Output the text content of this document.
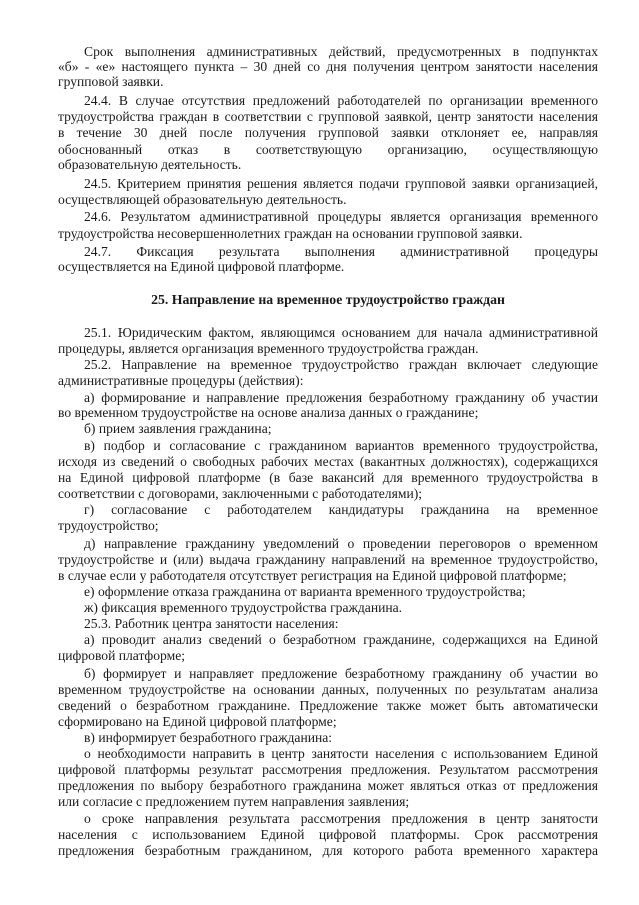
Срок выполнения административных действий, предусмотренных в подпунктах
«б» - «е» настоящего пункта – 30 дней со дня получения центром занятости населения
групповой заявки.
24.4. В случае отсутствия предложений работодателей по организации временного
трудоустройства граждан в соответствии с групповой заявкой, центр занятости населения
в течение 30 дней после получения групповой заявки отклоняет ее, направляя
обоснованный отказ в соответствующую организацию, осуществляющую
образовательную деятельность.
24.5. Критерием принятия решения является подачи групповой заявки организацией,
осуществляющей образовательную деятельность.
24.6. Результатом административной процедуры является организация временного
трудоустройства несовершеннолетних граждан на основании групповой заявки.
24.7. Фиксация результата выполнения административной процедуры
осуществляется на Единой цифровой платформе.
25. Направление на временное трудоустройство граждан
25.1. Юридическим фактом, являющимся основанием для начала административной
процедуры, является организация временного трудоустройства граждан.
25.2. Направление на временное трудоустройство граждан включает следующие
административные процедуры (действия):
а) формирование и направление предложения безработному гражданину об участии
во временном трудоустройстве на основе анализа данных о гражданине;
б) прием заявления гражданина;
в) подбор и согласование с гражданином вариантов временного трудоустройства,
исходя из сведений о свободных рабочих местах (вакантных должностях), содержащихся
на Единой цифровой платформе (в базе вакансий для временного трудоустройства в
соответствии с договорами, заключенными с работодателями);
г) согласование с работодателем кандидатуры гражданина на временное
трудоустройство;
д) направление гражданину уведомлений о проведении переговоров о временном
трудоустройстве и (или) выдача гражданину направлений на временное трудоустройство,
в случае если у работодателя отсутствует регистрация на Единой цифровой платформе;
е) оформление отказа гражданина от варианта временного трудоустройства;
ж) фиксация временного трудоустройства гражданина.
25.3. Работник центра занятости населения:
а) проводит анализ сведений о безработном гражданине, содержащихся на Единой
цифровой платформе;
б) формирует и направляет предложение безработному гражданину об участии во
временном трудоустройстве на основании данных, полученных по результатам анализа
сведений о безработном гражданине. Предложение также может быть автоматически
сформировано на Единой цифровой платформе;
в) информирует безработного гражданина:
о необходимости направить в центр занятости населения с использованием Единой
цифровой платформы результат рассмотрения предложения. Результатом рассмотрения
предложения по выбору безработного гражданина может являться отказ от предложения
или согласие с предложением путем направления заявления;
о сроке направления результата рассмотрения предложения в центр занятости
населения с использованием Единой цифровой платформы. Срок рассмотрения
предложения безработным гражданином, для которого работа временного характера
